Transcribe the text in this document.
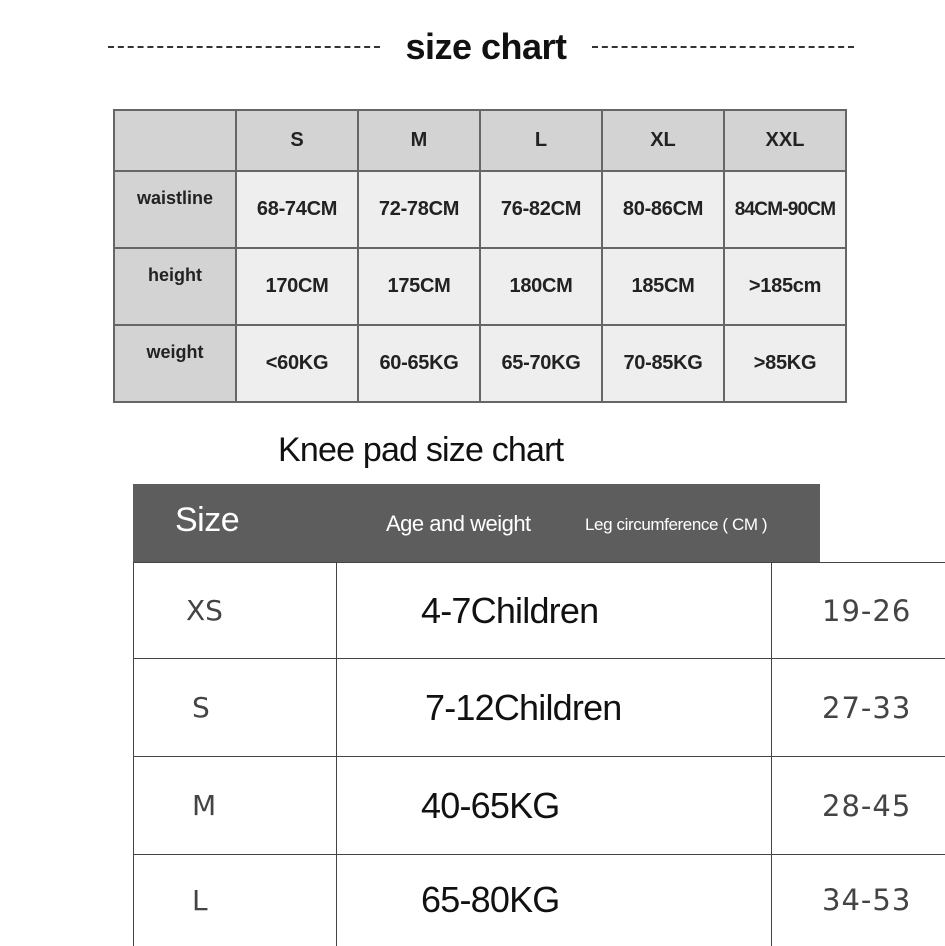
size chart
	S	M	L	XL	XXL
waistline	68-74CM	72-78CM	76-82CM	80-86CM	84CM-90CM
height	170CM	175CM	180CM	185CM	>185cm
weight	<60KG	60-65KG	65-70KG	70-85KG	>85KG
Knee pad size chart
Size	Age and weight	Leg circumference ( CM )
XS	4-7Children	19-26
S	7-12Children	27-33
M	40-65KG	28-45
L	65-80KG	34-53
